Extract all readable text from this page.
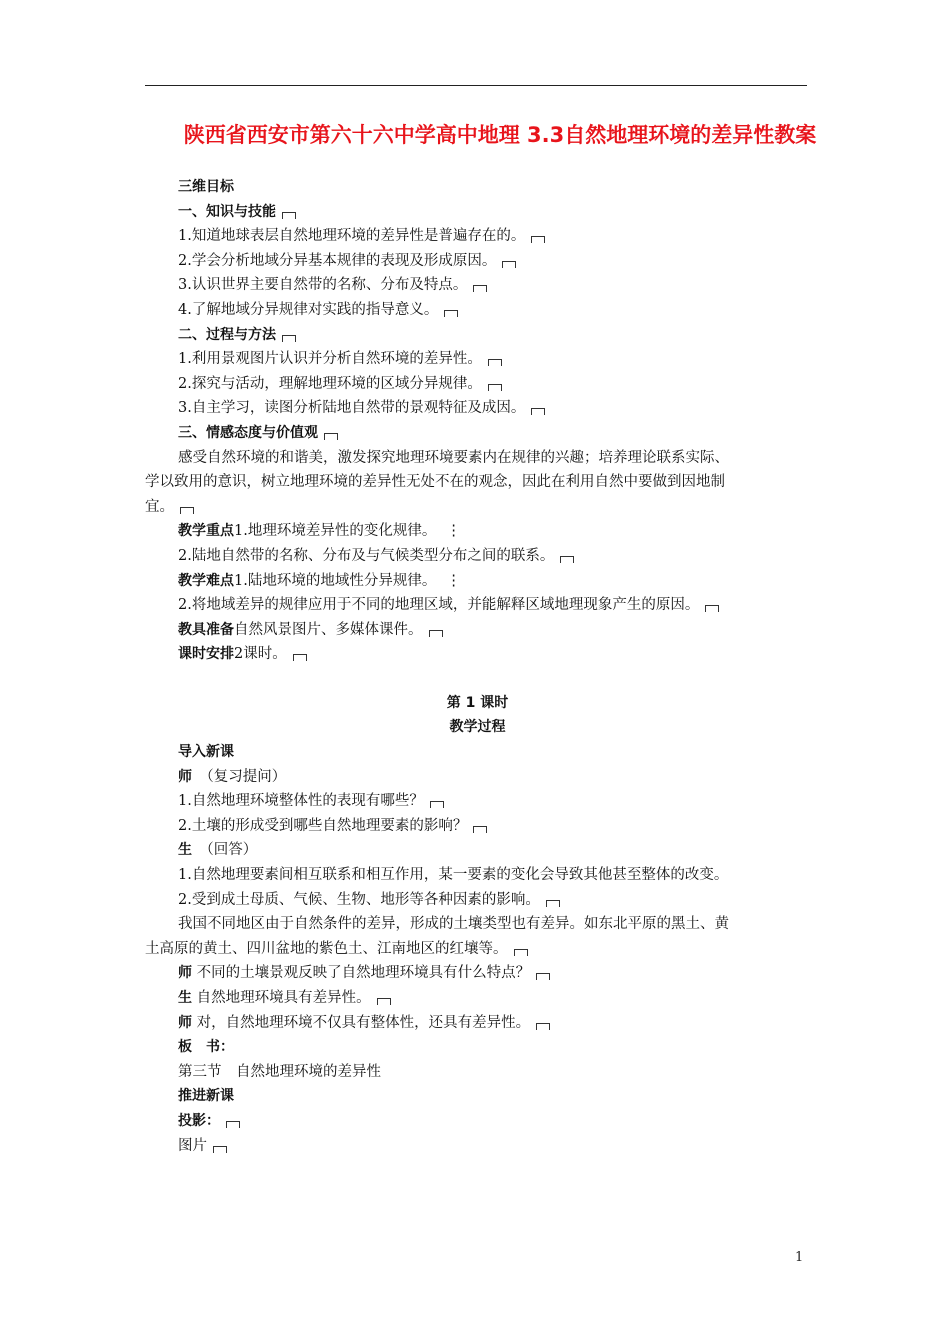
陕西省西安市第六十六中学高中地理 3.3自然地理环境的差异性教案
三维目标
一、知识与技能
1.知道地球表层自然地理环境的差异性是普遍存在的。
2.学会分析地域分异基本规律的表现及形成原因。
3.认识世界主要自然带的名称、分布及特点。
4.了解地域分异规律对实践的指导意义。
二、过程与方法
1.利用景观图片认识并分析自然环境的差异性。
2.探究与活动，理解地理环境的区域分异规律。
3.自主学习，读图分析陆地自然带的景观特征及成因。
三、情感态度与价值观
感受自然环境的和谐美，激发探究地理环境要素内在规律的兴趣；培养理论联系实际、
学以致用的意识，树立地理环境的差异性无处不在的观念，因此在利用自然中要做到因地制
宜。
教学重点1.地理环境差异性的变化规律。 ⋮
2.陆地自然带的名称、分布及与气候类型分布之间的联系。
教学难点1.陆地环境的地域性分异规律。 ⋮
2.将地域差异的规律应用于不同的地理区域，并能解释区域地理现象产生的原因。
教具准备自然风景图片、多媒体课件。
课时安排2课时。
第 1 课时
教学过程
导入新课
师　 （复习提问）
1.自然地理环境整体性的表现有哪些？
2.土壤的形成受到哪些自然地理要素的影响？
生　 （回答）
1.自然地理要素间相互联系和相互作用，某一要素的变化会导致其他甚至整体的改变。
2.受到成土母质、气候、生物、地形等各种因素的影响。
我国不同地区由于自然条件的差异，形成的土壤类型也有差异。如东北平原的黑土、黄
土高原的黄土、四川盆地的紫色土、江南地区的红壤等。
师 不同的土壤景观反映了自然地理环境具有什么特点？
生 自然地理环境具有差异性。
师 对，自然地理环境不仅具有整体性，还具有差异性。
板　书：
第三节　自然地理环境的差异性
推进新课
投影：
图片
1
